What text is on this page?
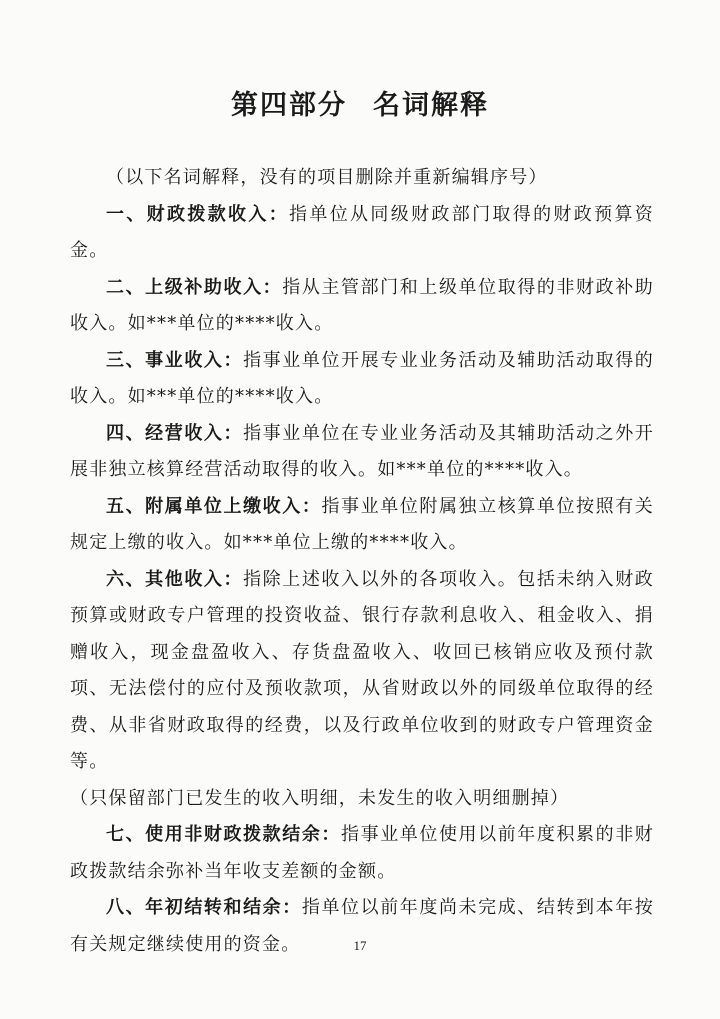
第四部分 名词解释

（以下名词解释，没有的项目删除并重新编辑序号）

一、财政拨款收入：指单位从同级财政部门取得的财政预算资金。

二、上级补助收入：指从主管部门和上级单位取得的非财政补助收入。如***单位的****收入。

三、事业收入：指事业单位开展专业业务活动及辅助活动取得的收入。如***单位的****收入。

四、经营收入：指事业单位在专业业务活动及其辅助活动之外开展非独立核算经营活动取得的收入。如***单位的****收入。

五、附属单位上缴收入：指事业单位附属独立核算单位按照有关规定上缴的收入。如***单位上缴的****收入。

六、其他收入：指除上述收入以外的各项收入。包括未纳入财政预算或财政专户管理的投资收益、银行存款利息收入、租金收入、捐赠收入，现金盘盈收入、存货盘盈收入、收回已核销应收及预付款项、无法偿付的应付及预收款项，从省财政以外的同级单位取得的经费、从非省财政取得的经费，以及行政单位收到的财政专户管理资金等。

（只保留部门已发生的收入明细，未发生的收入明细删掉）

七、使用非财政拨款结余：指事业单位使用以前年度积累的非财政拨款结余弥补当年收支差额的金额。

八、年初结转和结余：指单位以前年度尚未完成、结转到本年按有关规定继续使用的资金。	17
